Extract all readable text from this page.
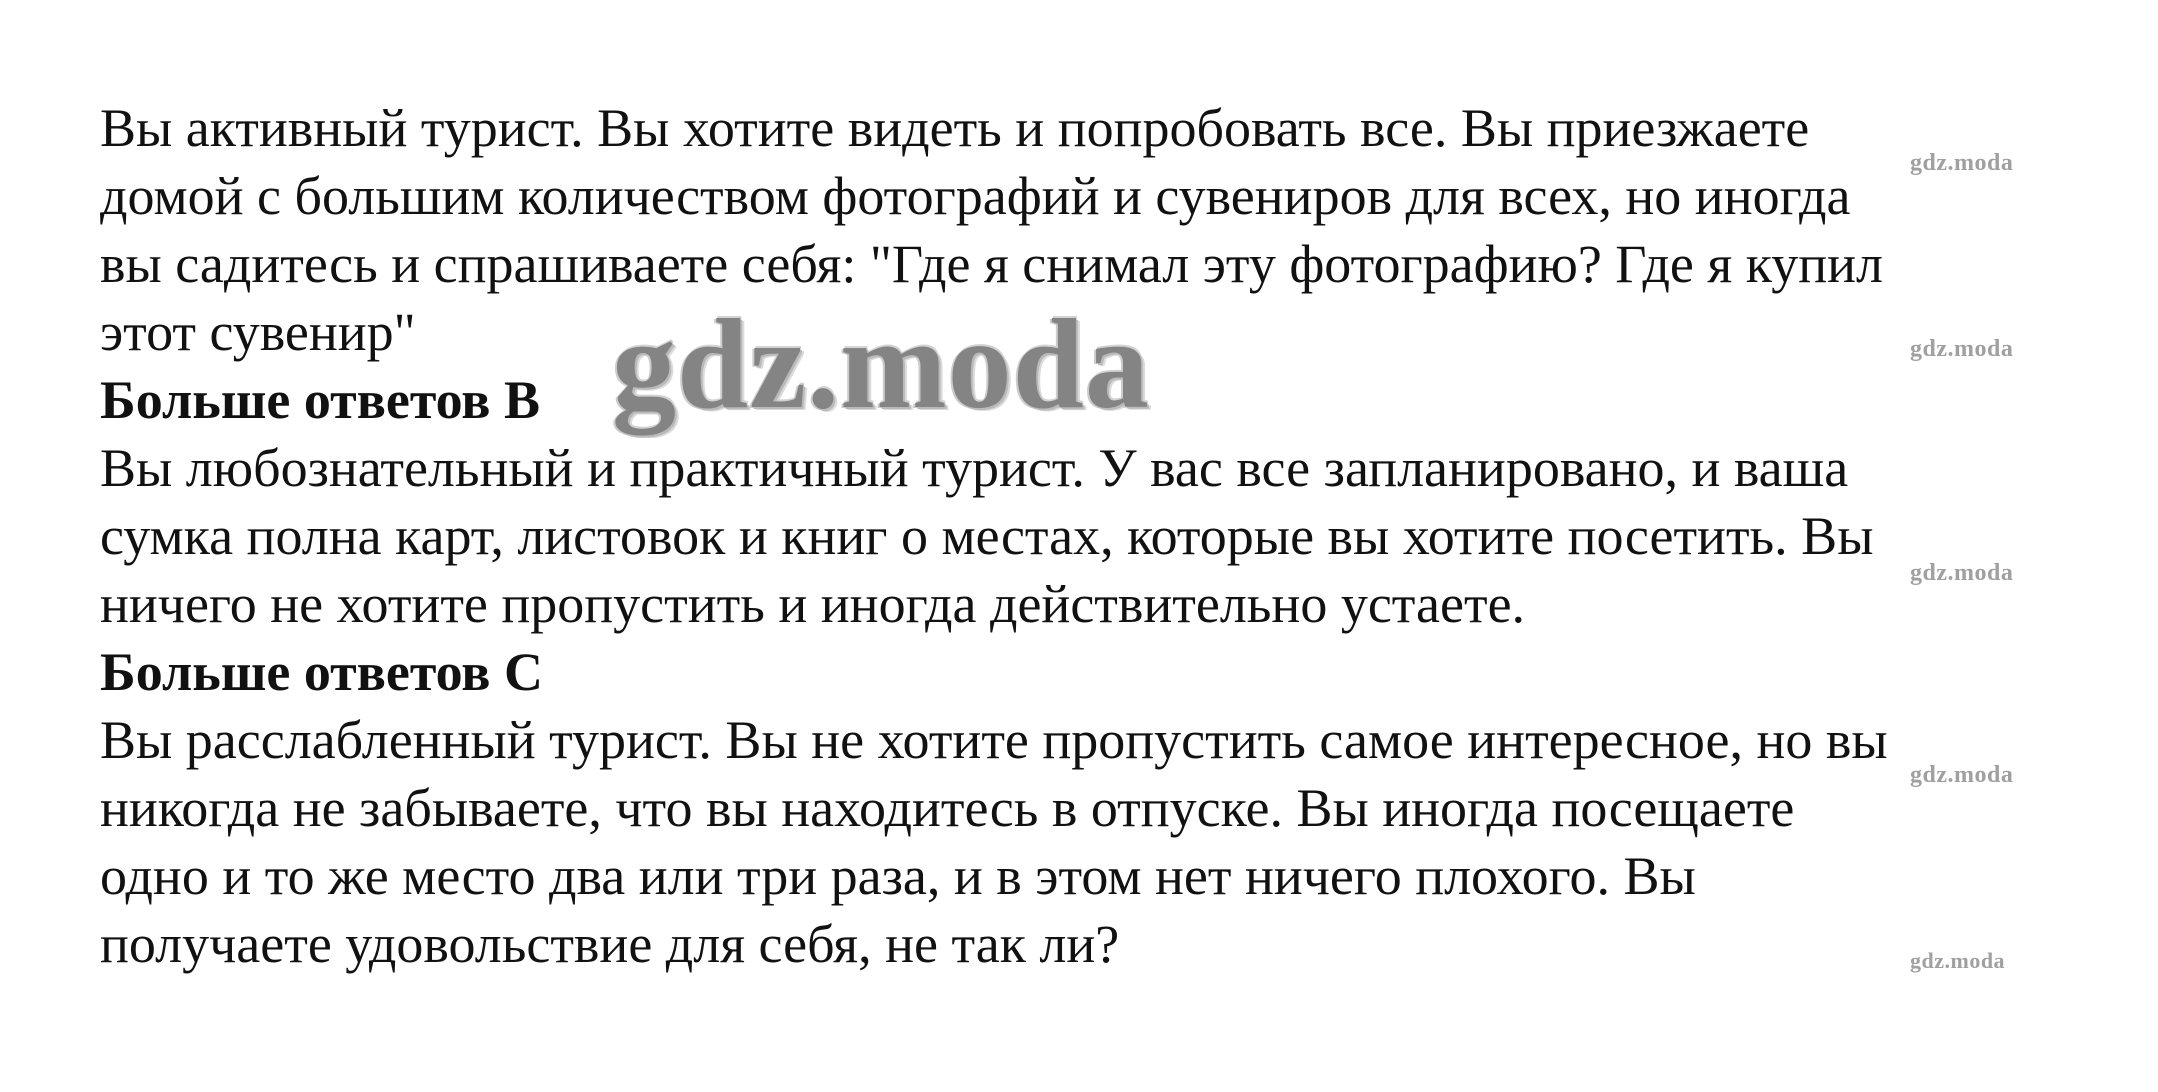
Вы активный турист. Вы хотите видеть и попробовать все. Вы приезжаете
домой с большим количеством фотографий и сувениров для всех, но иногда
вы садитесь и спрашиваете себя: "Где я снимал эту фотографию? Где я купил
этот сувенир"
Больше ответов B
Вы любознательный и практичный турист. У вас все запланировано, и ваша
сумка полна карт, листовок и книг о местах, которые вы хотите посетить. Вы
ничего не хотите пропустить и иногда действительно устаете.
Больше ответов C
Вы расслабленный турист. Вы не хотите пропустить самое интересное, но вы
никогда не забываете, что вы находитесь в отпуске. Вы иногда посещаете
одно и то же место два или три раза, и в этом нет ничего плохого. Вы
получаете удовольствие для себя, не так ли?
gdz.moda
gdz.moda
gdz.moda
gdz.moda
gdz.moda
gdz.moda
